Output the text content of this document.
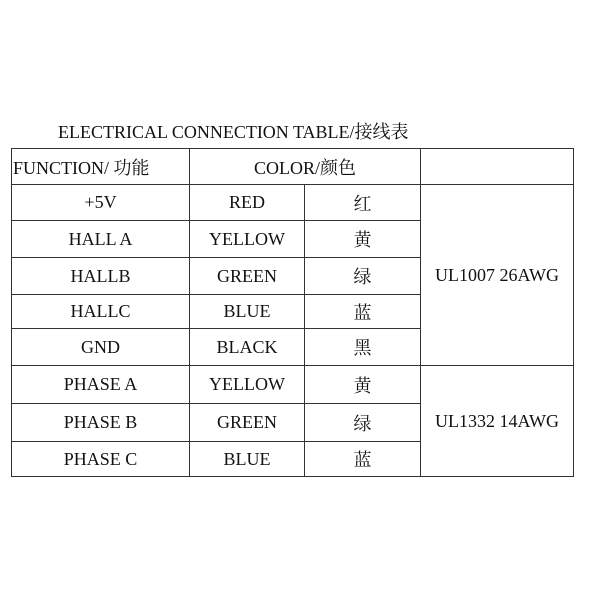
ELECTRICAL CONNECTION TABLE/接线表
FUNCTION/ 功能	COLOR/颜色		
+5V	RED	红	UL1007 26AWG
HALL A	YELLOW	黄	
HALLB	GREEN	绿	
HALLC	BLUE	蓝	
GND	BLACK	黑	
PHASE A	YELLOW	黄	UL1332 14AWG
PHASE B	GREEN	绿	
PHASE C	BLUE	蓝	
